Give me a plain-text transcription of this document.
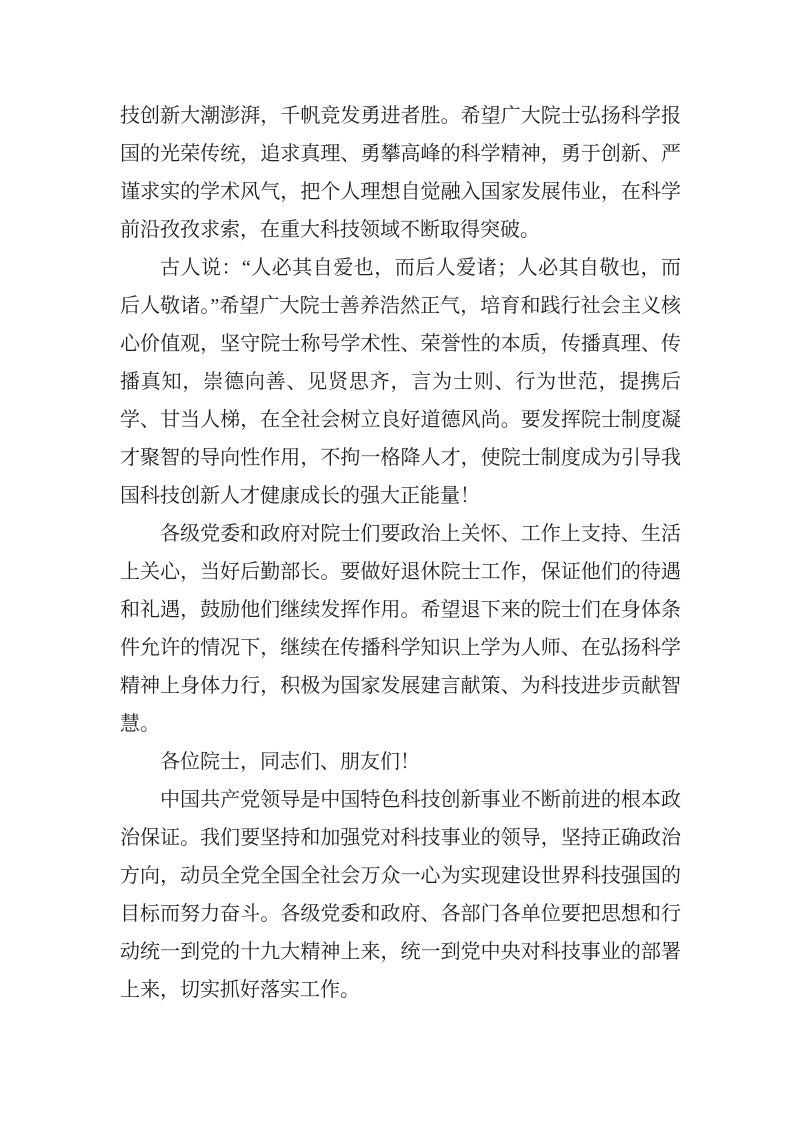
技创新大潮澎湃，千帆竞发勇进者胜。希望广大院士弘扬科学报国的光荣传统，追求真理、勇攀高峰的科学精神，勇于创新、严谨求实的学术风气，把个人理想自觉融入国家发展伟业，在科学前沿孜孜求索，在重大科技领域不断取得突破。

古人说：“人必其自爱也，而后人爱诸；人必其自敬也，而后人敬诸。”希望广大院士善养浩然正气，培育和践行社会主义核心价值观，坚守院士称号学术性、荣誉性的本质，传播真理、传播真知，崇德向善、见贤思齐，言为士则、行为世范，提携后学、甘当人梯，在全社会树立良好道德风尚。要发挥院士制度凝才聚智的导向性作用，不拘一格降人才，使院士制度成为引导我国科技创新人才健康成长的强大正能量！

各级党委和政府对院士们要政治上关怀、工作上支持、生活上关心，当好后勤部长。要做好退休院士工作，保证他们的待遇和礼遇，鼓励他们继续发挥作用。希望退下来的院士们在身体条件允许的情况下，继续在传播科学知识上学为人师、在弘扬科学精神上身体力行，积极为国家发展建言献策、为科技进步贡献智慧。

各位院士，同志们、朋友们！

中国共产党领导是中国特色科技创新事业不断前进的根本政治保证。我们要坚持和加强党对科技事业的领导，坚持正确政治方向，动员全党全国全社会万众一心为实现建设世界科技强国的目标而努力奋斗。各级党委和政府、各部门各单位要把思想和行动统一到党的十九大精神上来，统一到党中央对科技事业的部署上来，切实抓好落实工作。
